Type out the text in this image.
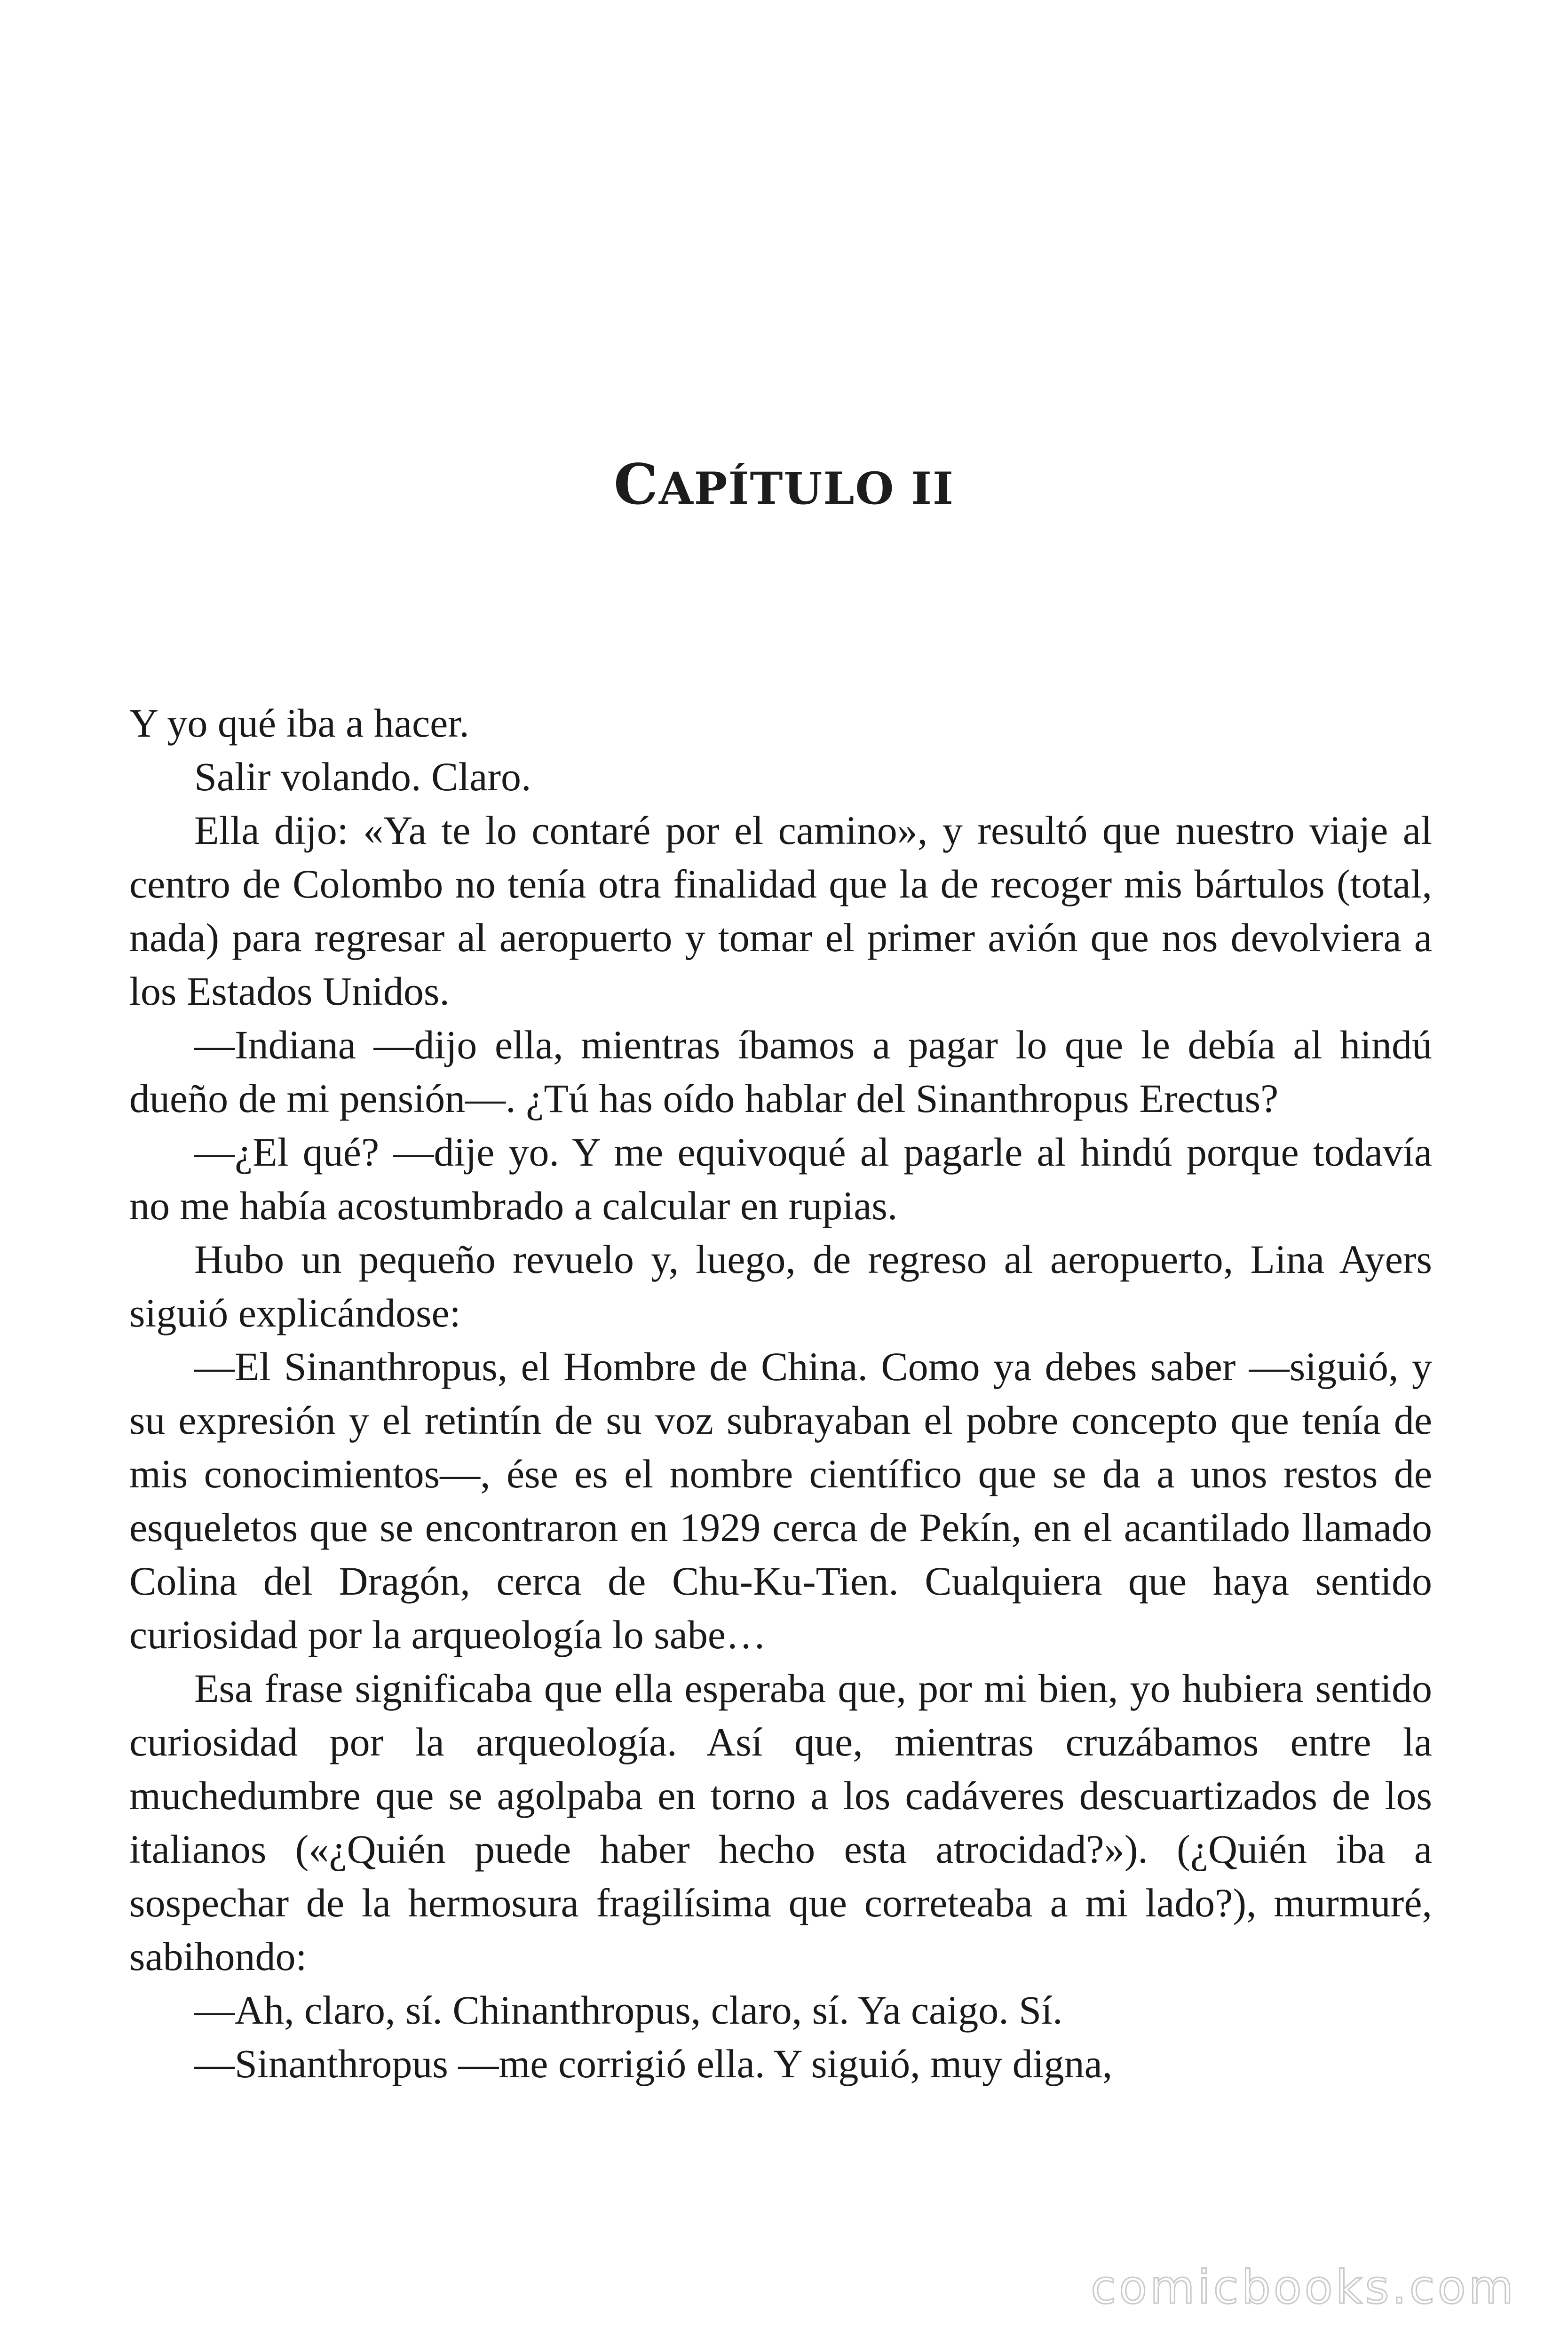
CAPÍTULO II

Y yo qué iba a hacer.

Salir volando. Claro.

Ella dijo: «Ya te lo contaré por el camino», y resultó que nuestro viaje al centro de Colombo no tenía otra finalidad que la de recoger mis bártulos (total, nada) para regresar al aeropuerto y tomar el primer avión que nos devolviera a los Estados Unidos.

—Indiana —dijo ella, mientras íbamos a pagar lo que le debía al hindú dueño de mi pensión—. ¿Tú has oído hablar del Sinanthropus Erectus?

—¿El qué? —dije yo. Y me equivoqué al pagarle al hindú porque todavía no me había acostumbrado a calcular en rupias.

Hubo un pequeño revuelo y, luego, de regreso al aeropuerto, Lina Ayers siguió explicándose:

—El Sinanthropus, el Hombre de China. Como ya debes saber —siguió, y su expresión y el retintín de su voz subrayaban el pobre concepto que tenía de mis conocimientos—, ése es el nombre científico que se da a unos restos de esqueletos que se encontraron en 1929 cerca de Pekín, en el acantilado llamado Colina del Dragón, cerca de Chu-Ku-Tien. Cualquiera que haya sentido curiosidad por la arqueología lo sabe…

Esa frase significaba que ella esperaba que, por mi bien, yo hubiera sentido curiosidad por la arqueología. Así que, mientras cruzábamos entre la muchedumbre que se agolpaba en torno a los cadáveres descuartizados de los italianos («¿Quién puede haber hecho esta atrocidad?»). (¿Quién iba a sospechar de la hermosura fragilísima que correteaba a mi lado?), murmuré, sabihondo:

—Ah, claro, sí. Chinanthropus, claro, sí. Ya caigo. Sí.

—Sinanthropus —me corrigió ella. Y siguió, muy digna,

comicbooks.com
